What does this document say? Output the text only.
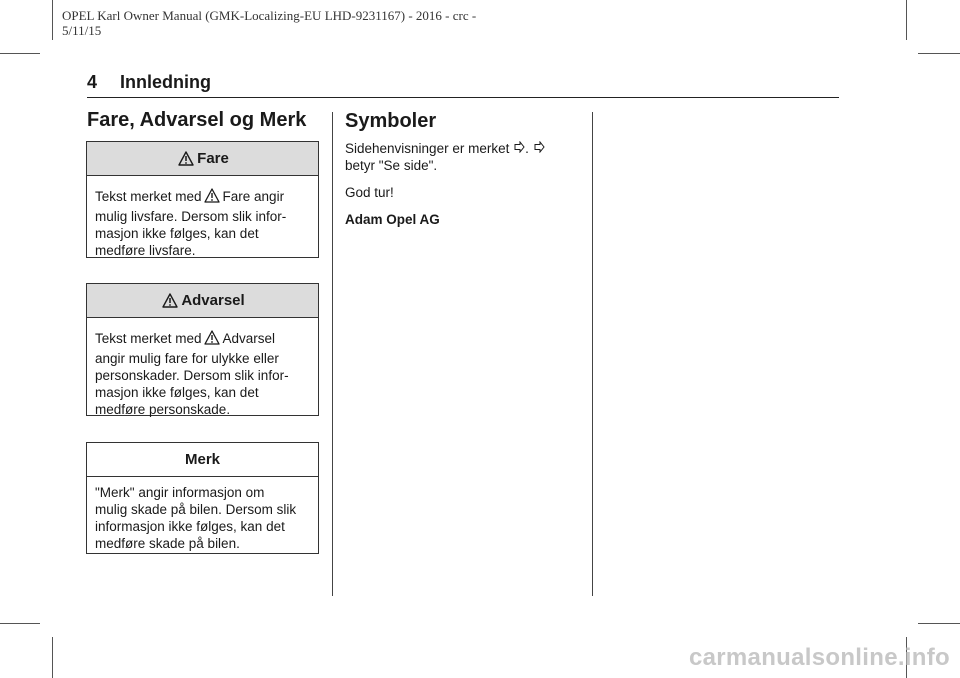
OPEL Karl Owner Manual (GMK-Localizing-EU LHD-9231167) - 2016 - crc -
5/11/15
4 Innledning
Fare, Advarsel og Merk
Fare
Tekst merket med Fare angir
mulig livsfare. Dersom slik infor-
masjon ikke følges, kan det
medføre livsfare.
Advarsel
Tekst merket med Advarsel
angir mulig fare for ulykke eller
personskader. Dersom slik infor-
masjon ikke følges, kan det
medføre personskade.
Merk
"Merk" angir informasjon om
mulig skade på bilen. Dersom slik
informasjon ikke følges, kan det
medføre skade på bilen.
Symboler

Sidehenvisninger er merket .

betyr "Se side".

God tur!

Adam Opel AG

carmanualsonline.info
